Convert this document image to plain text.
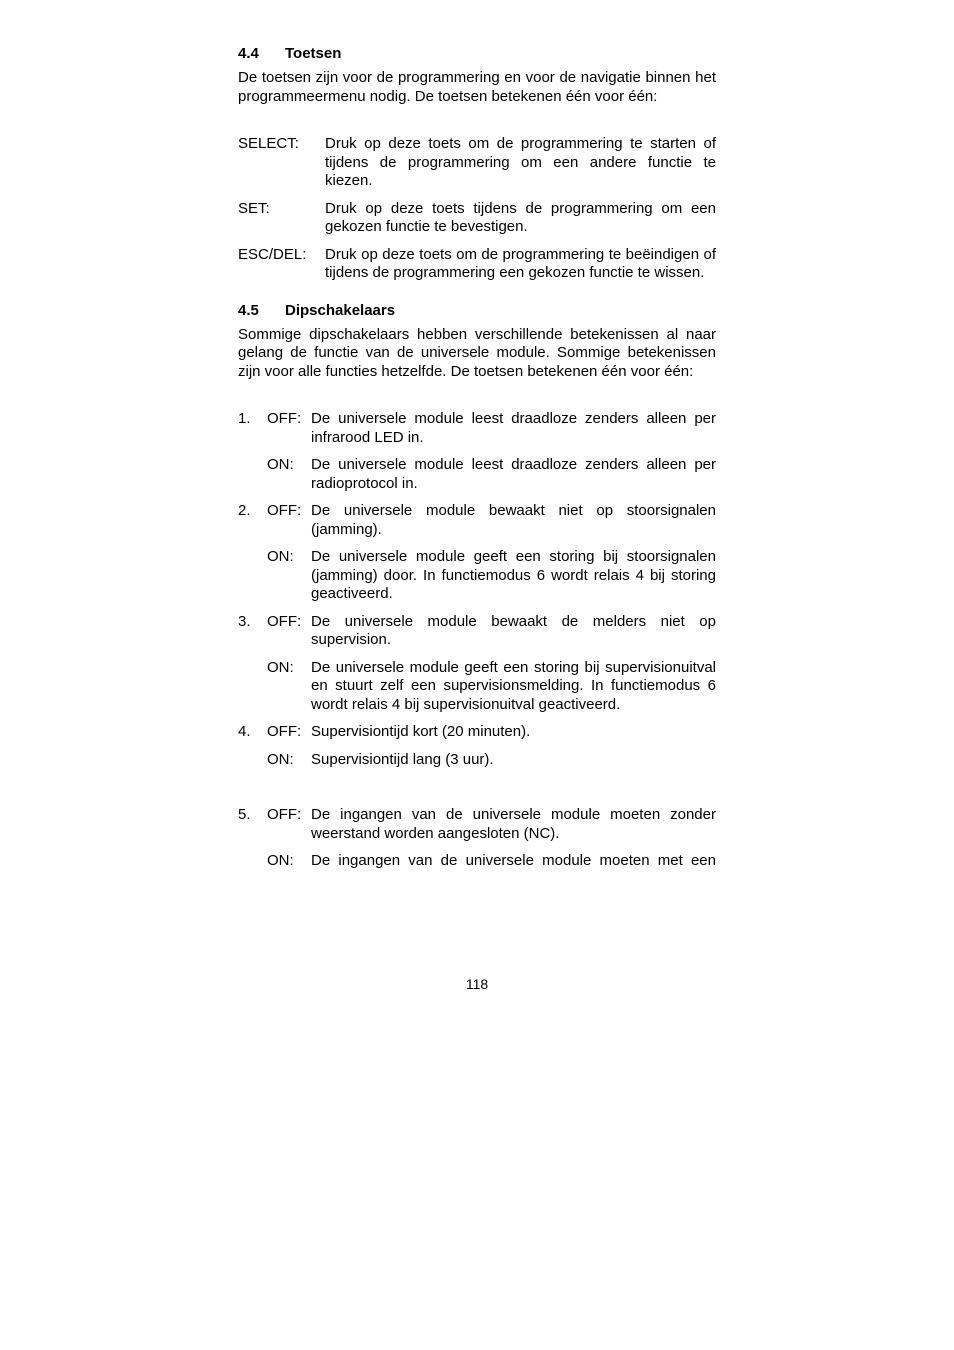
4.4 Toetsen

De toetsen zijn voor de programmering en voor de navigatie binnen het programmeermenu nodig. De toetsen betekenen één voor één:

SELECT:	Druk op deze toets om de programmering te starten of tijdens de programmering om een andere functie te kiezen.
SET:	Druk op deze toets tijdens de programmering om een gekozen functie te bevestigen.
ESC/DEL:	Druk op deze toets om de programmering te beëindigen of tijdens de programmering een gekozen functie te wissen.
4.5 Dipschakelaars

Sommige dipschakelaars hebben verschillende betekenissen al naar gelang de functie van de universele module. Sommige betekenissen zijn voor alle functies hetzelfde. De toetsen betekenen één voor één:

1.	OFF: De universele module leest draadloze zenders alleen per infrarood LED in.
ON:	De universele module leest draadloze zenders alleen per radioprotocol in.
2.	OFF: De universele module bewaakt niet op stoorsignalen (jamming).
ON:	De universele module geeft een storing bij stoorsignalen (jamming) door. In functiemodus 6 wordt relais 4 bij storing geactiveerd.
3.	OFF: De universele module bewaakt de melders niet op supervision.
ON:	De universele module geeft een storing bij supervisionuitval en stuurt zelf een supervisionsmelding. In functiemodus 6 wordt relais 4 bij supervisionuitval geactiveerd.
4.	OFF: Supervisiontijd kort (20 minuten).
ON:	Supervisiontijd lang (3 uur).
5.	OFF: De ingangen van de universele module moeten zonder weerstand worden aangesloten (NC).
ON:	De ingangen van de universele module moeten met een
118
